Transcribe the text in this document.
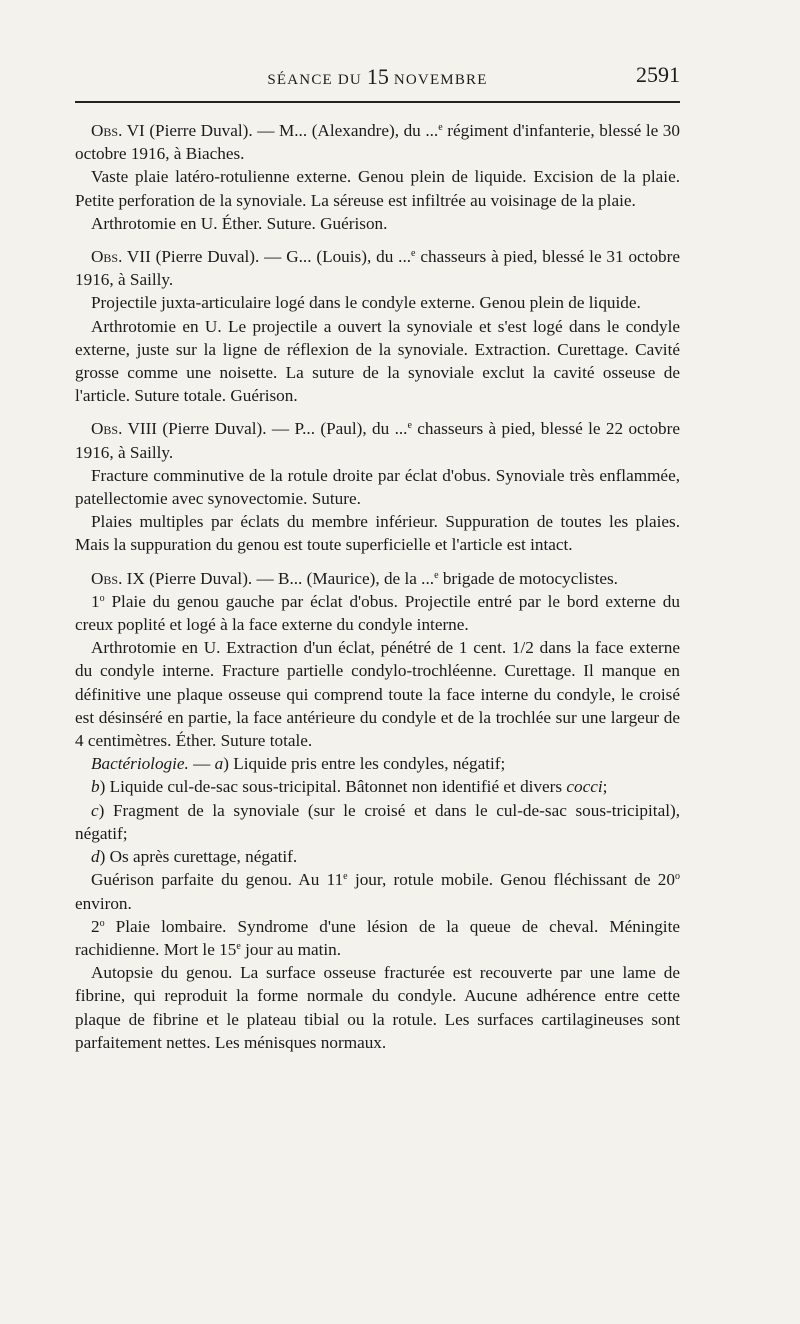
SÉANCE DU 15 NOVEMBRE	2591

Obs. VI (Pierre Duval). — M... (Alexandre), du ...$^e$ régiment d'infanterie, blessé le 30 octobre 1916, à Biaches.

Vaste plaie latéro-rotulienne externe. Genou plein de liquide. Excision de la plaie. Petite perforation de la synoviale. La séreuse est infiltrée au voisinage de la plaie.

Arthrotomie en U. Éther. Suture. Guérison.

Obs. VII (Pierre Duval). — G... (Louis), du ...$^e$ chasseurs à pied, blessé le 31 octobre 1916, à Sailly.

Projectile juxta-articulaire logé dans le condyle externe. Genou plein de liquide.

Arthrotomie en U. Le projectile a ouvert la synoviale et s'est logé dans le condyle externe, juste sur la ligne de réflexion de la synoviale. Extraction. Curettage. Cavité grosse comme une noisette. La suture de la synoviale exclut la cavité osseuse de l'article. Suture totale. Guérison.

Obs. VIII (Pierre Duval). — P... (Paul), du ...$^e$ chasseurs à pied, blessé le 22 octobre 1916, à Sailly.

Fracture comminutive de la rotule droite par éclat d'obus. Synoviale très enflammée, patellectomie avec synovectomie. Suture.

Plaies multiples par éclats du membre inférieur. Suppuration de toutes les plaies. Mais la suppuration du genou est toute superficielle et l'article est intact.

Obs. IX (Pierre Duval). — B... (Maurice), de la ...$^e$ brigade de motocyclistes.

1$^o$ Plaie du genou gauche par éclat d'obus. Projectile entré par le bord externe du creux poplité et logé à la face externe du condyle interne.

Arthrotomie en U. Extraction d'un éclat, pénétré de 1 cent. 1/2 dans la face externe du condyle interne. Fracture partielle condylo-trochléenne. Curettage. Il manque en définitive une plaque osseuse qui comprend toute la face interne du condyle, le croisé est désinséré en partie, la face antérieure du condyle et de la trochlée sur une largeur de 4 centimètres. Éther. Suture totale.

Bactériologie. — a) Liquide pris entre les condyles, négatif;

b) Liquide cul-de-sac sous-tricipital. Bâtonnet non identifié et divers cocci;

c) Fragment de la synoviale (sur le croisé et dans le cul-de-sac sous-tricipital), négatif;

d) Os après curettage, négatif.

Guérison parfaite du genou. Au 11e jour, rotule mobile. Genou fléchissant de 20$^o$ environ.

2$^o$ Plaie lombaire. Syndrome d'une lésion de la queue de cheval. Méningite rachidienne. Mort le 15e jour au matin.

Autopsie du genou. La surface osseuse fracturée est recouverte par une lame de fibrine, qui reproduit la forme normale du condyle. Aucune adhérence entre cette plaque de fibrine et le plateau tibial ou la rotule. Les surfaces cartilagineuses sont parfaitement nettes. Les ménisques normaux.
